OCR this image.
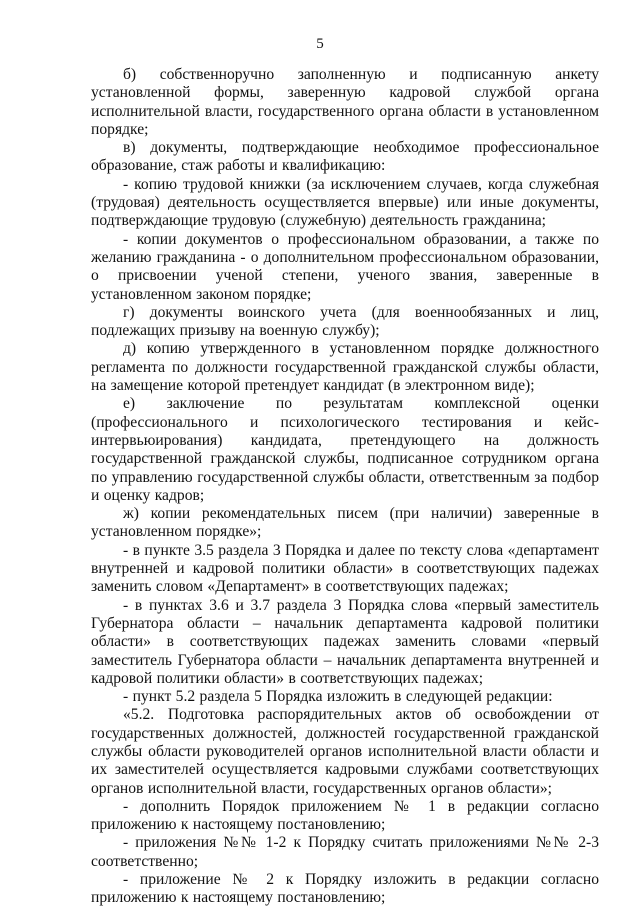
5

б) собственноручно заполненную и подписанную анкету установленной формы, заверенную кадровой службой органа исполнительной власти, государственного органа области в установленном порядке;

в) документы, подтверждающие необходимое профессиональное образование, стаж работы и квалификацию:

- копию трудовой книжки (за исключением случаев, когда служебная (трудовая) деятельность осуществляется впервые) или иные документы, подтверждающие трудовую (служебную) деятельность гражданина;

- копии документов о профессиональном образовании, а также по желанию гражданина - о дополнительном профессиональном образовании, о присвоении ученой степени, ученого звания, заверенные в установленном законом порядке;

г) документы воинского учета (для военнообязанных и лиц, подлежащих призыву на военную службу);

д) копию утвержденного в установленном порядке должностного регламента по должности государственной гражданской службы области, на замещение которой претендует кандидат (в электронном виде);

е) заключение по результатам комплексной оценки (профессионального и психологического тестирования и кейс-интервьюирования) кандидата, претендующего на должность государственной гражданской службы, подписанное сотрудником органа по управлению государственной службы области, ответственным за подбор и оценку кадров;

ж) копии рекомендательных писем (при наличии) заверенные в установленном порядке»;

- в пункте 3.5 раздела 3 Порядка и далее по тексту слова «департамент внутренней и кадровой политики области» в соответствующих падежах заменить словом «Департамент» в соответствующих падежах;

- в пунктах 3.6 и 3.7 раздела 3 Порядка слова «первый заместитель Губернатора области – начальник департамента кадровой политики области» в соответствующих падежах заменить словами «первый заместитель Губернатора области – начальник департамента внутренней и кадровой политики области» в соответствующих падежах;

- пункт 5.2 раздела 5 Порядка изложить в следующей редакции:

«5.2. Подготовка распорядительных актов об освобождении от государственных должностей, должностей государственной гражданской службы области руководителей органов исполнительной власти области и их заместителей осуществляется кадровыми службами соответствующих органов исполнительной власти, государственных органов области»;

- дополнить Порядок приложением № 1 в редакции согласно приложению к настоящему постановлению;

- приложения №№ 1-2 к Порядку считать приложениями №№ 2-3 соответственно;

- приложение № 2 к Порядку изложить в редакции согласно приложению к настоящему постановлению;
